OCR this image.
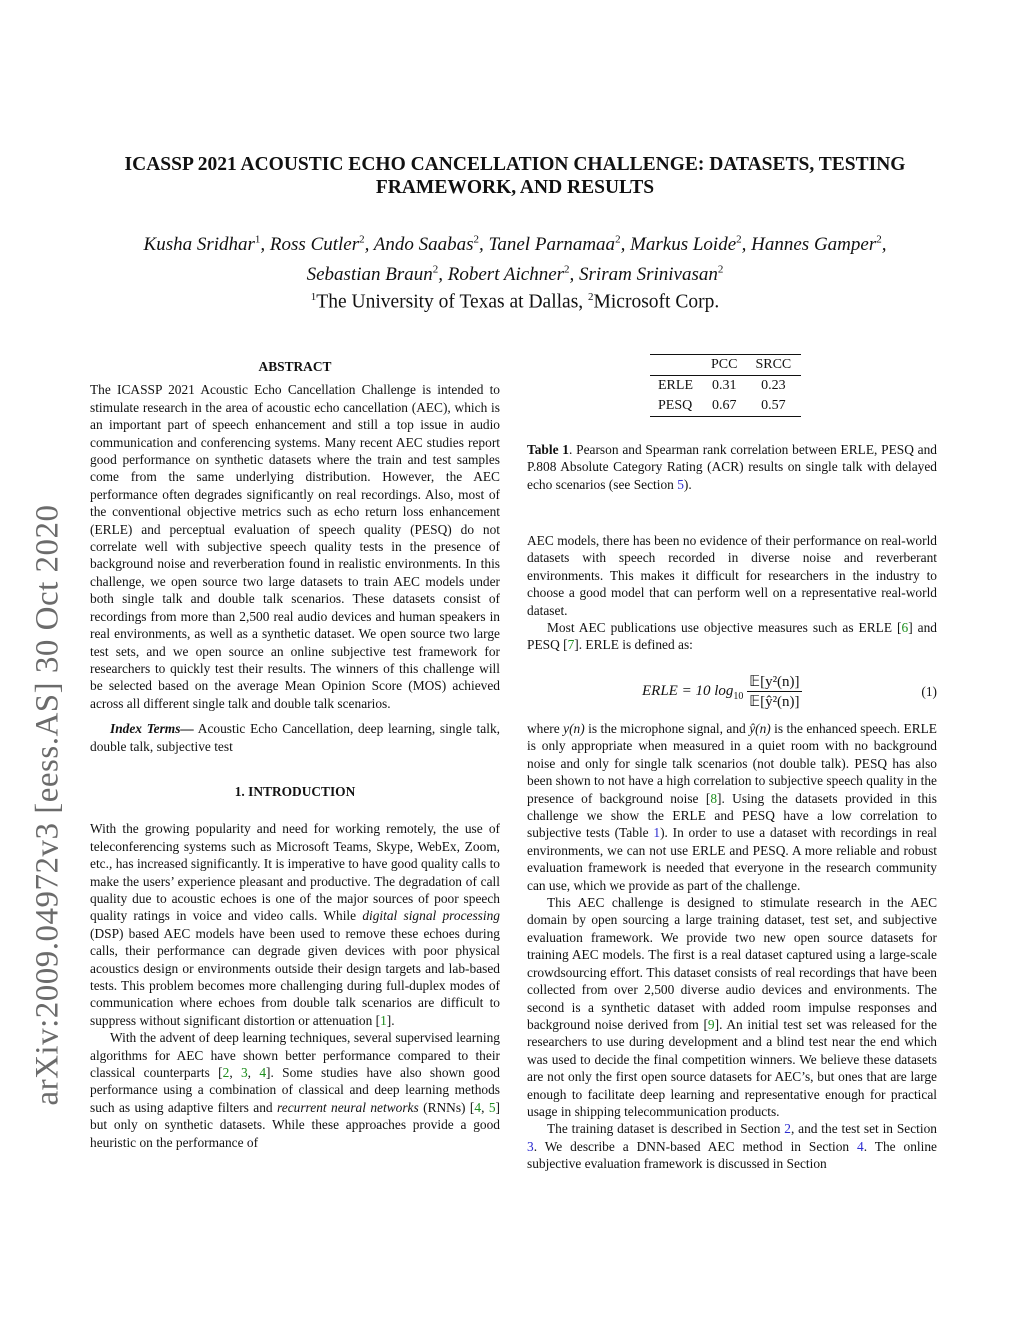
arXiv:2009.04972v3 [eess.AS] 30 Oct 2020
ICASSP 2021 ACOUSTIC ECHO CANCELLATION CHALLENGE: DATASETS, TESTING FRAMEWORK, AND RESULTS
Kusha Sridhar$^1$, Ross Cutler$^2$, Ando Saabas$^2$, Tanel Parnamaa$^2$, Markus Loide$^2$, Hannes Gamper$^2$,
Sebastian Braun$^2$, Robert Aichner$^2$, Sriram Srinivasan$^2$
$^1$The University of Texas at Dallas, $^2$Microsoft Corp.

ABSTRACT

The ICASSP 2021 Acoustic Echo Cancellation Challenge is intended to stimulate research in the area of acoustic echo cancellation (AEC), which is an important part of speech enhancement and still a top issue in audio communication and conferencing systems. Many recent AEC studies report good performance on synthetic datasets where the train and test samples come from the same underlying distribution. However, the AEC performance often degrades significantly on real recordings. Also, most of the conventional objective metrics such as echo return loss enhancement (ERLE) and perceptual evaluation of speech quality (PESQ) do not correlate well with subjective speech quality tests in the presence of background noise and reverberation found in realistic environments. In this challenge, we open source two large datasets to train AEC models under both single talk and double talk scenarios. These datasets consist of recordings from more than 2,500 real audio devices and human speakers in real environments, as well as a synthetic dataset. We open source two large test sets, and we open source an online subjective test framework for researchers to quickly test their results. The winners of this challenge will be selected based on the average Mean Opinion Score (MOS) achieved across all different single talk and double talk scenarios.

Index Terms— Acoustic Echo Cancellation, deep learning, single talk, double talk, subjective test

1. INTRODUCTION

With the growing popularity and need for working remotely, the use of teleconferencing systems such as Microsoft Teams, Skype, WebEx, Zoom, etc., has increased significantly. It is imperative to have good quality calls to make the users’ experience pleasant and productive. The degradation of call quality due to acoustic echoes is one of the major sources of poor speech quality ratings in voice and video calls. While digital signal processing (DSP) based AEC models have been used to remove these echoes during calls, their performance can degrade given devices with poor physical acoustics design or environments outside their design targets and lab-based tests. This problem becomes more challenging during full-duplex modes of communication where echoes from double talk scenarios are difficult to suppress without significant distortion or attenuation [1].

With the advent of deep learning techniques, several supervised learning algorithms for AEC have shown better performance compared to their classical counterparts [2, 3, 4]. Some studies have also shown good performance using a combination of classical and deep learning methods such as using adaptive filters and recurrent neural networks (RNNs) [4, 5] but only on synthetic datasets. While these approaches provide a good heuristic on the performance of

	PCC	SRCC
ERLE	0.31	0.23
PESQ	0.67	0.57

Table 1. Pearson and Spearman rank correlation between ERLE, PESQ and P.808 Absolute Category Rating (ACR) results on single talk with delayed echo scenarios (see Section 5).

AEC models, there has been no evidence of their performance on real-world datasets with speech recorded in diverse noise and reverberant environments. This makes it difficult for researchers in the industry to choose a good model that can perform well on a representative real-world dataset.

Most AEC publications use objective measures such as ERLE [6] and PESQ [7]. ERLE is defined as:

ERLE = 10 $\log_{10} \frac{\text{𝔼[y²(n)]}}{\text{𝔼[ŷ²(n)]}}$	(1)

where y(n) is the microphone signal, and ŷ(n) is the enhanced speech. ERLE is only appropriate when measured in a quiet room with no background noise and only for single talk scenarios (not double talk). PESQ has also been shown to not have a high correlation to subjective speech quality in the presence of background noise [8]. Using the datasets provided in this challenge we show the ERLE and PESQ have a low correlation to subjective tests (Table 1). In order to use a dataset with recordings in real environments, we can not use ERLE and PESQ. A more reliable and robust evaluation framework is needed that everyone in the research community can use, which we provide as part of the challenge.

This AEC challenge is designed to stimulate research in the AEC domain by open sourcing a large training dataset, test set, and subjective evaluation framework. We provide two new open source datasets for training AEC models. The first is a real dataset captured using a large-scale crowdsourcing effort. This dataset consists of real recordings that have been collected from over 2,500 diverse audio devices and environments. The second is a synthetic dataset with added room impulse responses and background noise derived from [9]. An initial test set was released for the researchers to use during development and a blind test near the end which was used to decide the final competition winners. We believe these datasets are not only the first open source datasets for AEC’s, but ones that are large enough to facilitate deep learning and representative enough for practical usage in shipping telecommunication products.

The training dataset is described in Section 2, and the test set in Section 3. We describe a DNN-based AEC method in Section 4. The online subjective evaluation framework is discussed in Section
